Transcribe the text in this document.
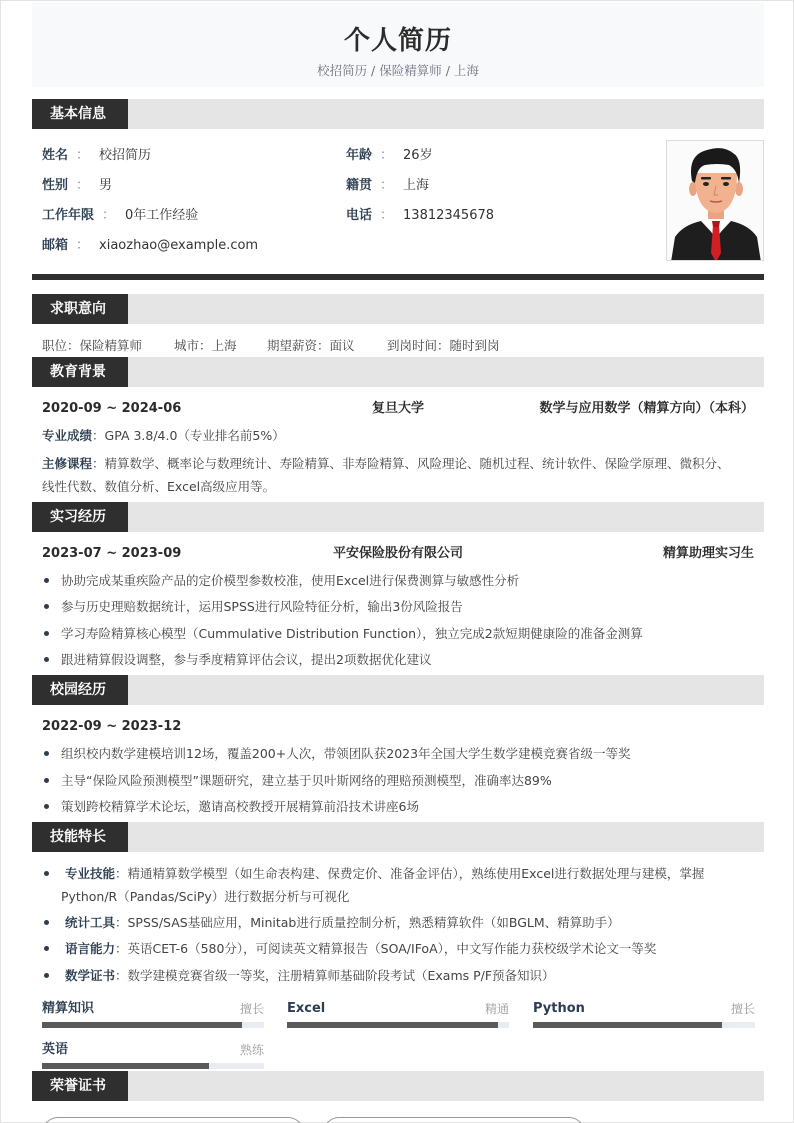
个人简历
校招简历 / 保险精算师 / 上海
基本信息
姓名 ： 校招简历	年龄 ： 26岁
性别 ： 男	籍贯 ： 上海
工作年限 ： 0年工作经验	电话 ： 13812345678
邮箱 ： xiaozhao@example.com
求职意向
职位：保险精算师	城市：上海 期望薪资：面议	到岗时间：随时到岗
教育背景
2020-09 ~ 2024-06	复旦大学	数学与应用数学（精算方向）（本科）
专业成绩：GPA 3.8/4.0（专业排名前5%）
主修课程：精算数学、概率论与数理统计、寿险精算、非寿险精算、风险理论、随机过程、统计软件、保险学原理、微积分、
线性代数、数值分析、Excel高级应用等。
实习经历
2023-07 ~ 2023-09	平安保险股份有限公司	精算助理实习生
协助完成某重疾险产品的定价模型参数校准，使用Excel进行保费测算与敏感性分析
参与历史理赔数据统计，运用SPSS进行风险特征分析，输出3份风险报告
学习寿险精算核心模型（Cummulative Distribution Function），独立完成2款短期健康险的准备金测算
跟进精算假设调整，参与季度精算评估会议，提出2项数据优化建议
校园经历
2022-09 ~ 2023-12
组织校内数学建模培训12场，覆盖200+人次，带领团队获2023年全国大学生数学建模竞赛省级一等奖
主导“保险风险预测模型”课题研究，建立基于贝叶斯网络的理赔预测模型，准确率达89%
策划跨校精算学术论坛，邀请高校教授开展精算前沿技术讲座6场
技能特长
专业技能：精通精算数学模型（如生命表构建、保费定价、准备金评估），熟练使用Excel进行数据处理与建模，掌握
Python/R（Pandas/SciPy）进行数据分析与可视化
统计工具：SPSS/SAS基础应用，Minitab进行质量控制分析，熟悉精算软件（如BGLM、精算助手）
语言能力：英语CET-6（580分），可阅读英文精算报告（SOA/IFoA），中文写作能力获校级学术论文一等奖
数学证书：数学建模竞赛省级一等奖，注册精算师基础阶段考试（Exams P/F预备知识）
精算知识	擅长 Excel	精通 Python	擅长
英语	熟练
荣誉证书
